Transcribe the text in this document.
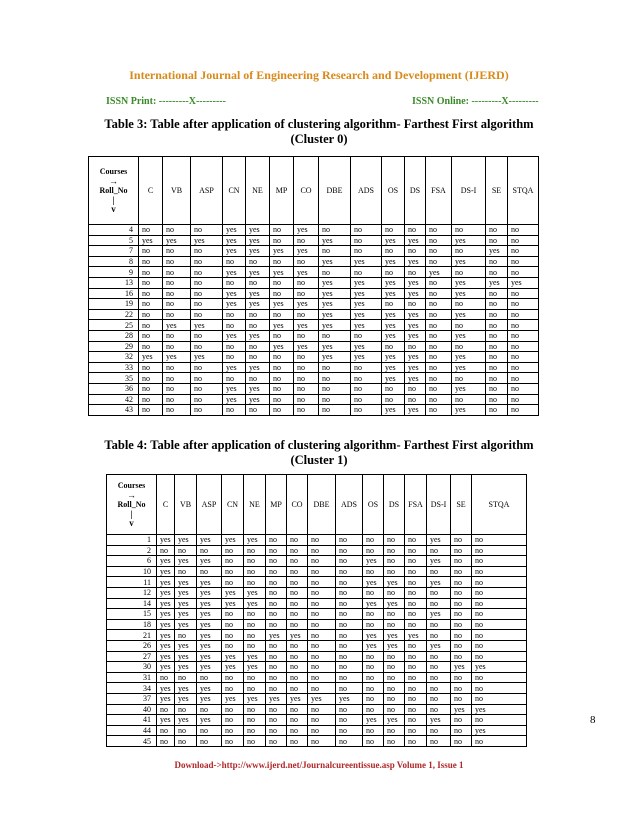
International Journal of Engineering Research and Development (IJERD)
ISSN Print: ---------X---------	ISSN Online: ---------X---------
Table 3: Table after application of clustering algorithm- Farthest First algorithm
(Cluster 0)
Courses
→
Roll_No
|
v	C	VB	ASP	CN	NE	MP	CO	DBE	ADS	OS	DS	FSA	DS-I	SE	STQA
4	no	no	no	yes	yes	no	yes	no	no	no	no	no	no	no	no
5	yes	yes	yes	yes	yes	no	no	yes	no	yes	yes	no	yes	no	no
7	no	no	no	yes	yes	yes	yes	no	no	no	no	no	no	yes	no
8	no	no	no	no	no	no	no	yes	yes	yes	yes	no	yes	no	no
9	no	no	no	yes	yes	yes	yes	no	no	no	no	yes	no	no	no
13	no	no	no	no	no	no	no	yes	yes	yes	yes	no	yes	yes	yes
16	no	no	no	yes	yes	no	no	yes	yes	yes	yes	no	yes	no	no
19	no	no	no	yes	yes	yes	yes	yes	yes	no	no	no	no	no	no
22	no	no	no	no	no	no	no	yes	yes	yes	yes	no	yes	no	no
25	no	yes	yes	no	no	yes	yes	yes	yes	yes	yes	no	no	no	no
28	no	no	no	yes	yes	no	no	no	no	yes	yes	no	yes	no	no
29	no	no	no	no	no	yes	yes	yes	yes	no	no	no	no	no	no
32	yes	yes	yes	no	no	no	no	yes	yes	yes	yes	no	yes	no	no
33	no	no	no	yes	yes	no	no	no	no	yes	yes	no	yes	no	no
35	no	no	no	no	no	no	no	no	no	yes	yes	no	no	no	no
36	no	no	no	yes	yes	no	no	no	no	no	no	no	yes	no	no
42	no	no	no	yes	yes	no	no	no	no	no	no	no	no	no	no
43	no	no	no	no	no	no	no	no	no	yes	yes	no	yes	no	no
Table 4: Table after application of clustering algorithm- Farthest First algorithm
(Cluster 1)
Courses
→
Roll_No
|
v	C	VB	ASP	CN	NE	MP	CO	DBE	ADS	OS	DS	FSA	DS-I	SE	STQA
1	yes	yes	yes	yes	yes	no	no	no	no	no	no	no	yes	no	no
2	no	no	no	no	no	no	no	no	no	no	no	no	no	no	no
6	yes	yes	yes	no	no	no	no	no	no	yes	no	no	yes	no	no
10	yes	no	no	no	no	no	no	no	no	no	no	no	no	no	no
11	yes	yes	yes	no	no	no	no	no	no	yes	yes	no	yes	no	no
12	yes	yes	yes	yes	yes	no	no	no	no	no	no	no	no	no	no
14	yes	yes	yes	yes	yes	no	no	no	no	yes	yes	no	no	no	no
15	yes	yes	yes	no	no	no	no	no	no	no	no	no	yes	no	no
18	yes	yes	yes	no	no	no	no	no	no	no	no	no	no	no	no
21	yes	no	yes	no	no	yes	yes	no	no	yes	yes	yes	no	no	no
26	yes	yes	yes	no	no	no	no	no	no	yes	yes	no	yes	no	no
27	yes	yes	yes	yes	yes	no	no	no	no	no	no	no	no	no	no
30	yes	yes	yes	yes	yes	no	no	no	no	no	no	no	no	yes	yes
31	no	no	no	no	no	no	no	no	no	no	no	no	no	no	no
34	yes	yes	yes	no	no	no	no	no	no	no	no	no	no	no	no
37	yes	yes	yes	yes	yes	yes	yes	yes	yes	no	no	no	no	no	no
40	no	no	no	no	no	no	no	no	no	no	no	no	no	yes	yes
41	yes	yes	yes	no	no	no	no	no	no	yes	yes	no	yes	no	no
44	no	no	no	no	no	no	no	no	no	no	no	no	no	no	yes
45	no	no	no	no	no	no	no	no	no	no	no	no	no	no	no
8
Download->http://www.ijerd.net/Journalcureentissue.asp Volume 1, Issue 1
